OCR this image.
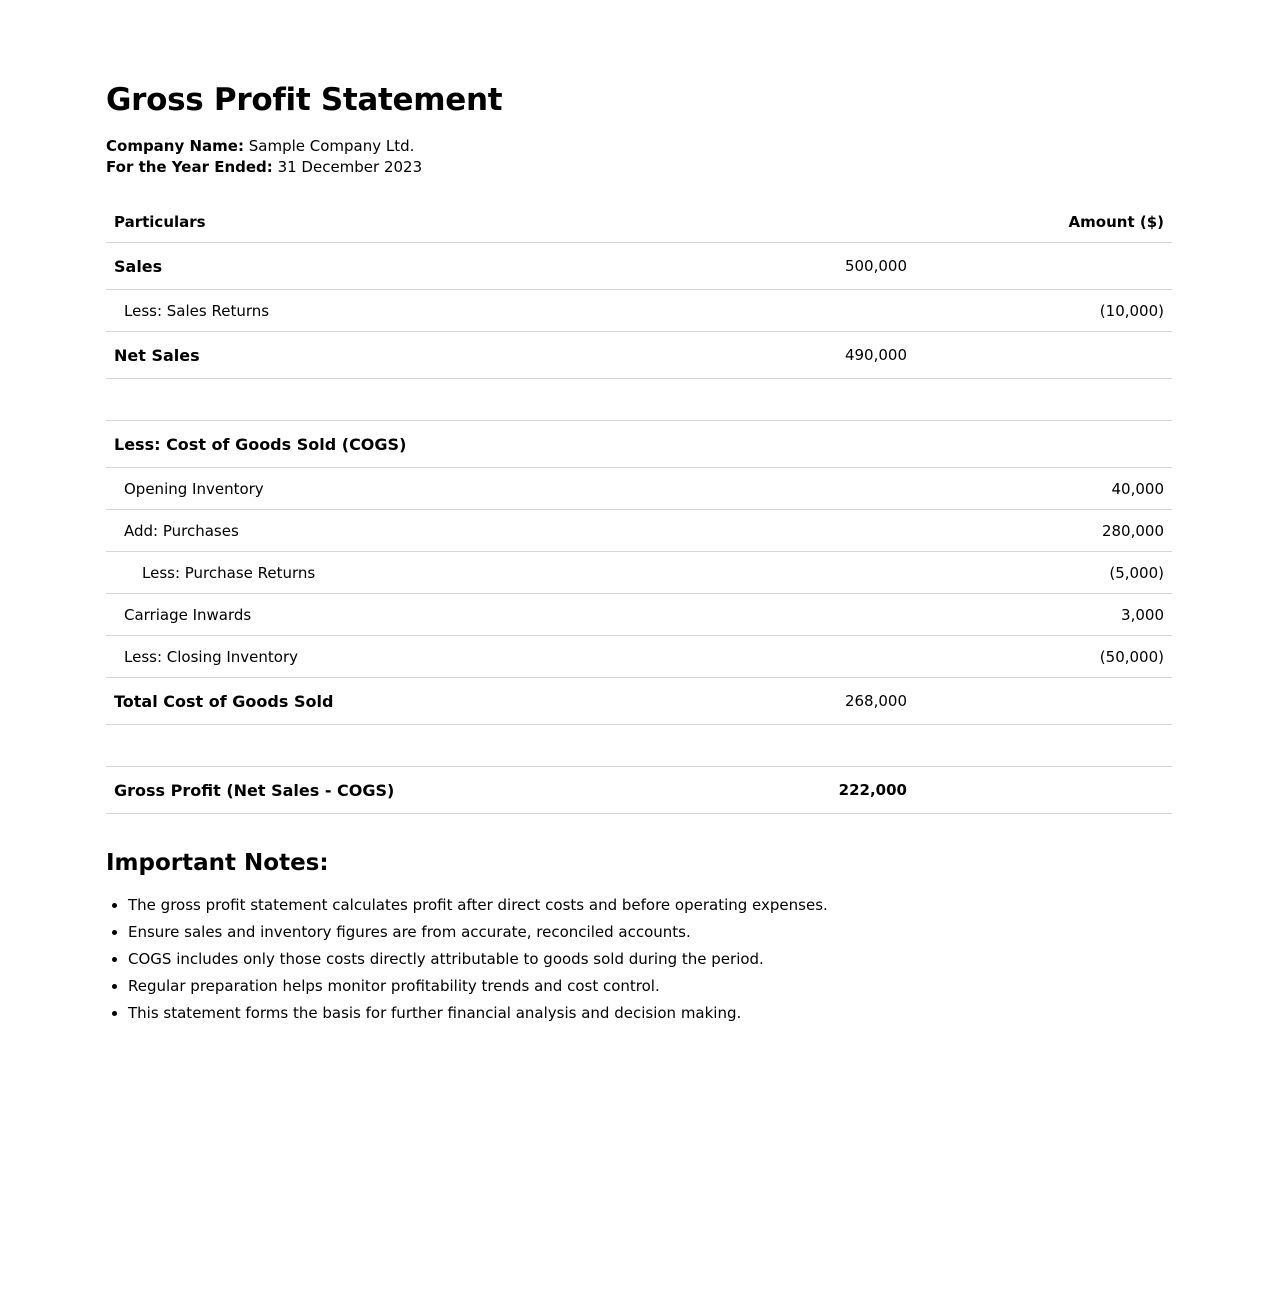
Gross Profit Statement
Company Name: Sample Company Ltd.
For the Year Ended: 31 December 2023
Particulars		Amount ($)
Sales	500,000	
Less: Sales Returns		(10,000)
Net Sales	490,000	

Less: Cost of Goods Sold (COGS)		
Opening Inventory		40,000
Add: Purchases		280,000
Less: Purchase Returns		(5,000)
Carriage Inwards		3,000
Less: Closing Inventory		(50,000)
Total Cost of Goods Sold	268,000	

Gross Profit (Net Sales - COGS)	222,000	
Important Notes:
• The gross profit statement calculates profit after direct costs and before operating expenses.
• Ensure sales and inventory figures are from accurate, reconciled accounts.
• COGS includes only those costs directly attributable to goods sold during the period.
• Regular preparation helps monitor profitability trends and cost control.
• This statement forms the basis for further financial analysis and decision making.
